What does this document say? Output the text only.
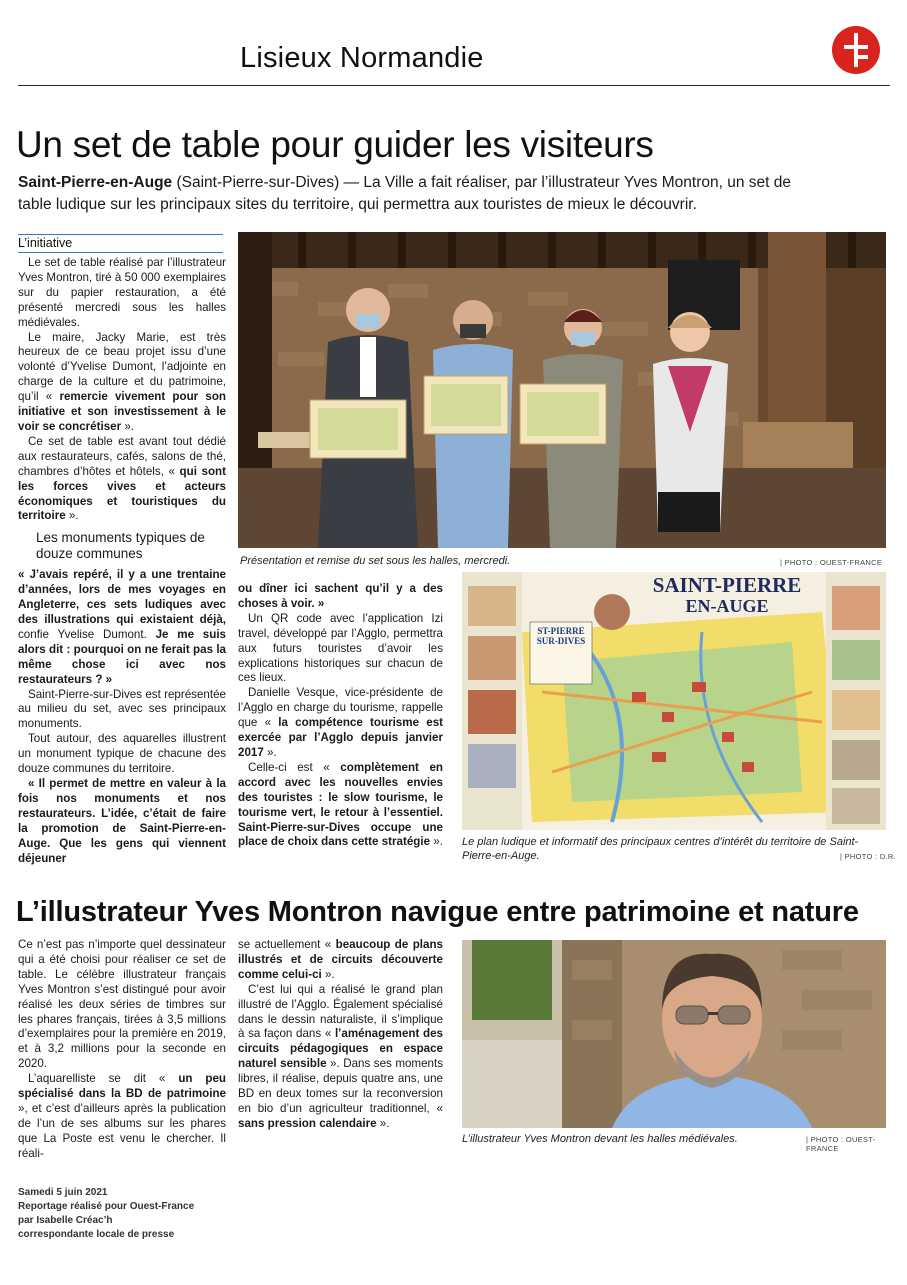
Lisieux Normandie
Un set de table pour guider les visiteurs

Saint-Pierre-en-Auge (Saint-Pierre-sur-Dives) — La Ville a fait réaliser, par l’illustrateur Yves Montron, un set de table ludique sur les principaux sites du territoire, qui permettra aux touristes de mieux le découvrir.

L’initiative

Le set de table réalisé par l’illustrateur Yves Montron, tiré à 50 000 exemplaires sur du papier restauration, a été présenté mercredi sous les halles médiévales.

Le maire, Jacky Marie, est très heureux de ce beau projet issu d’une volonté d’Yvelise Dumont, l’adjointe en charge de la culture et du patrimoine, qu’il « remercie vivement pour son initiative et son investissement à le voir se concrétiser ».

Ce set de table est avant tout dédié aux restaurateurs, cafés, salons de thé, chambres d’hôtes et hôtels, « qui sont les forces vives et acteurs économiques et touristiques du territoire ».

Les monuments typiques de douze communes

« J’avais repéré, il y a une trentaine d’années, lors de mes voyages en Angleterre, ces sets ludiques avec des illustrations qui existaient déjà, confie Yvelise Dumont. Je me suis alors dit : pourquoi on ne ferait pas la même chose ici avec nos restaurateurs ? »

Saint-Pierre-sur-Dives est représentée au milieu du set, avec ses principaux monuments.

Tout autour, des aquarelles illustrent un monument typique de chacune des douze communes du territoire.

« Il permet de mettre en valeur à la fois nos monuments et nos restaurateurs. L’idée, c’était de faire la promotion de Saint-Pierre-en-Auge. Que les gens qui viennent déjeuner

ou dîner ici sachent qu’il y a des choses à voir. »

Un QR code avec l’application Izi travel, développé par l’Agglo, permettra aux futurs touristes d’avoir les explications historiques sur chacun de ces lieux.

Danielle Vesque, vice-présidente de l’Agglo en charge du tourisme, rappelle que « la compétence tourisme est exercée par l’Agglo depuis janvier 2017 ».

Celle-ci est « complètement en accord avec les nouvelles envies des touristes : le slow tourisme, le tourisme vert, le retour à l’essentiel. Saint-Pierre-sur-Dives occupe une place de choix dans cette stratégie ».

Présentation et remise du set sous les halles, mercredi.	| PHOTO : OUEST-FRANCE
ST-PIERRE
SUR-DIVES
SAINT-PIERRE
EN-AUGE
Le plan ludique et informatif des principaux centres d’intérêt du territoire de Saint-Pierre-en-Auge.	| PHOTO : D.R.
L’illustrateur Yves Montron navigue entre patrimoine et nature

Ce n’est pas n’importe quel dessinateur qui a été choisi pour réaliser ce set de table. Le célèbre illustrateur français Yves Montron s’est distingué pour avoir réalisé les deux séries de timbres sur les phares français, tirées à 3,5 millions d’exemplaires pour la première en 2019, et à 3,2 millions pour la seconde en 2020.

L’aquarelliste se dit « un peu spécialisé dans la BD de patrimoine », et c’est d’ailleurs après la publication de l’un de ses albums sur les phares que La Poste est venu le chercher. Il réali-

se actuellement « beaucoup de plans illustrés et de circuits découverte comme celui-ci ».

C’est lui qui a réalisé le grand plan illustré de l’Agglo. Également spécialisé dans le dessin naturaliste, il s’implique à sa façon dans « l’aménagement des circuits pédagogiques en espace naturel sensible ». Dans ses moments libres, il réalise, depuis quatre ans, une BD en deux tomes sur la reconversion en bio d’un agriculteur traditionnel, « sans pression calendaire ».

L’illustrateur Yves Montron devant les halles médiévales.	| PHOTO : OUEST-FRANCE
Samedi 5 juin 2021
Reportage réalisé pour Ouest-France
par Isabelle Créac’h
correspondante locale de presse
